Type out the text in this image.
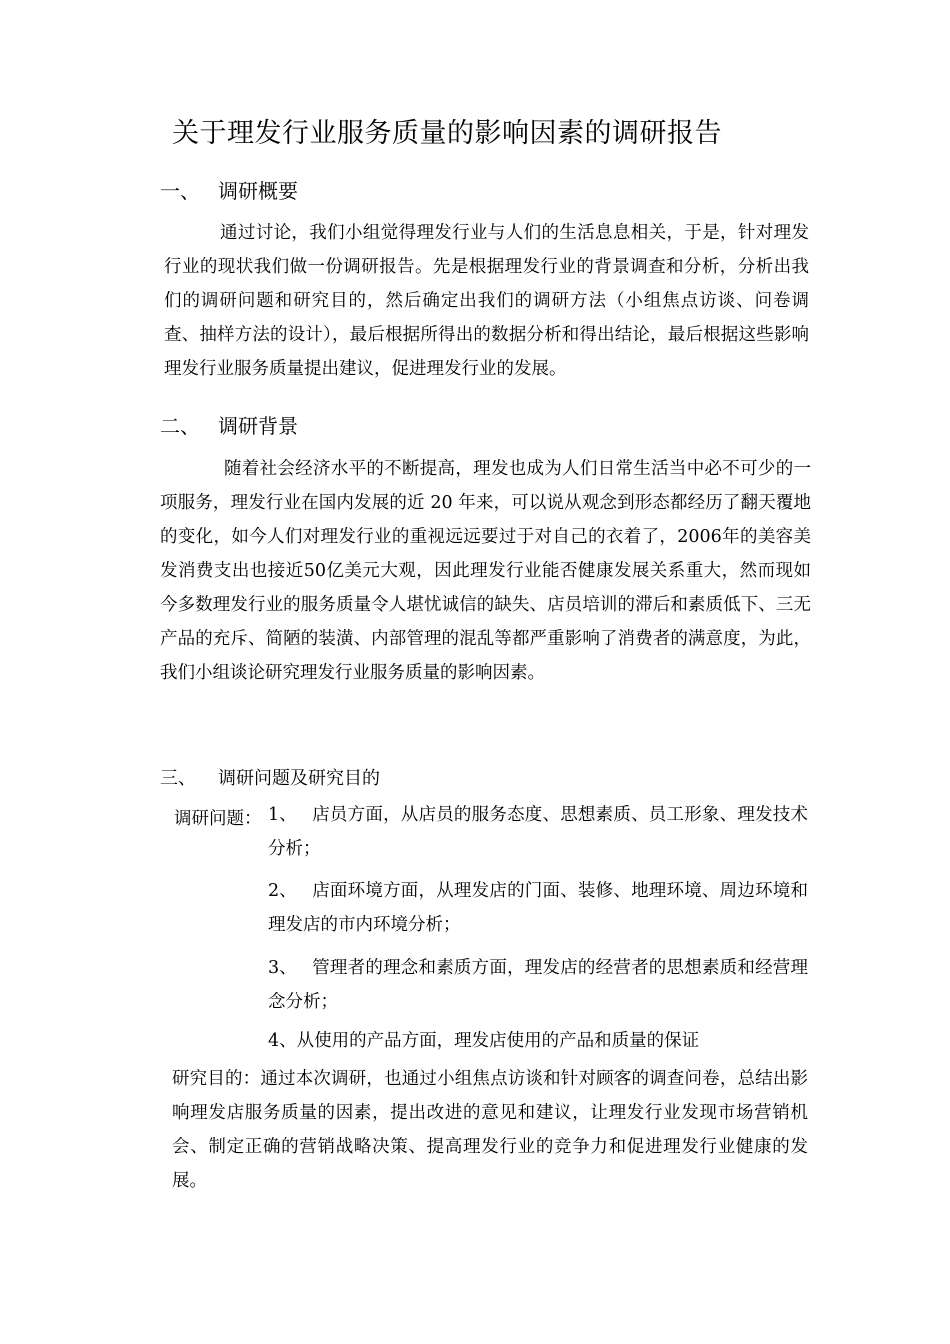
关于理发行业服务质量的影响因素的调研报告
一、 调研概要
通过讨论，我们小组觉得理发行业与人们的生活息息相关，于是，针对理发行业的现状我们做一份调研报告。先是根据理发行业的背景调查和分析，分析出我们的调研问题和研究目的，然后确定出我们的调研方法（小组焦点访谈、问卷调查、抽样方法的设计），最后根据所得出的数据分析和得出结论，最后根据这些影响理发行业服务质量提出建议，促进理发行业的发展。
二、 调研背景
随着社会经济水平的不断提高，理发也成为人们日常生活当中必不可少的一项服务，理发行业在国内发展的近 20 年来，可以说从观念到形态都经历了翻天覆地的变化，如今人们对理发行业的重视远远要过于对自己的衣着了，2006年的美容美发消费支出也接近50亿美元大观，因此理发行业能否健康发展关系重大，然而现如今多数理发行业的服务质量令人堪忧诚信的缺失、店员培训的滞后和素质低下、三无产品的充斥、简陋的装潢、内部管理的混乱等都严重影响了消费者的满意度，为此，我们小组谈论研究理发行业服务质量的影响因素。
三、 调研问题及研究目的
调研问题： 1、 店员方面，从店员的服务态度、思想素质、员工形象、理发技术分析；
2、 店面环境方面，从理发店的门面、装修、地理环境、周边环境和理发店的市内环境分析；
3、 管理者的理念和素质方面，理发店的经营者的思想素质和经营理念分析；
4、从使用的产品方面，理发店使用的产品和质量的保证
研究目的：通过本次调研，也通过小组焦点访谈和针对顾客的调查问卷，总结出影响理发店服务质量的因素，提出改进的意见和建议，让理发行业发现市场营销机会、制定正确的营销战略决策、提高理发行业的竞争力和促进理发行业健康的发展。
